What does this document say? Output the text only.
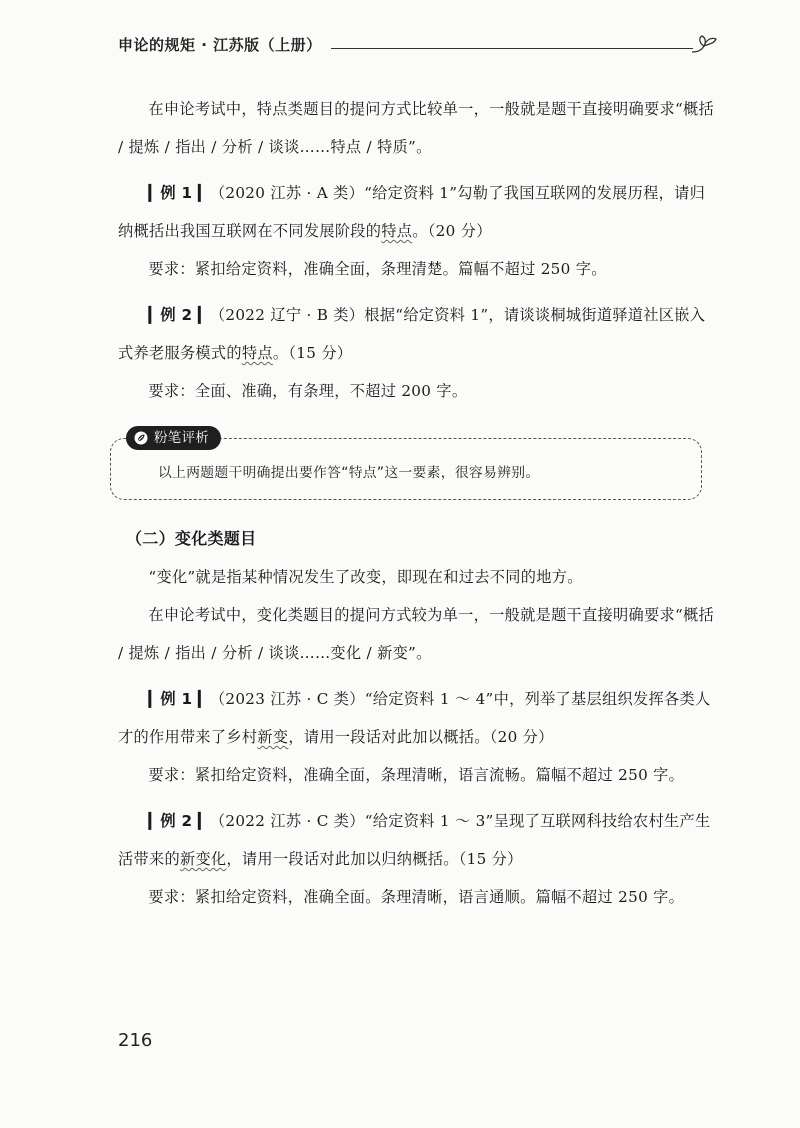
申论的规矩 · 江苏版（上册）

在申论考试中，特点类题目的提问方式比较单一，一般就是题干直接明确要求“概括 / 提炼 / 指出 / 分析 / 谈谈……特点 / 特质”。

▎例 1 ▎（2020 江苏 · A 类）“给定资料 1”勾勒了我国互联网的发展历程，请归纳概括出我国互联网在不同发展阶段的特点。（20 分）

要求：紧扣给定资料，准确全面，条理清楚。篇幅不超过 250 字。

▎例 2 ▎（2022 辽宁 · B 类）根据“给定资料 1”，请谈谈桐城街道驿道社区嵌入式养老服务模式的特点。（15 分）

要求：全面、准确，有条理，不超过 200 字。

粉笔评析
以上两题题干明确提出要作答“特点”这一要素，很容易辨别。

（二）变化类题目

“变化”就是指某种情况发生了改变，即现在和过去不同的地方。

在申论考试中，变化类题目的提问方式较为单一，一般就是题干直接明确要求“概括 / 提炼 / 指出 / 分析 / 谈谈……变化 / 新变”。

▎例 1 ▎（2023 江苏 · C 类）“给定资料 1 ～ 4”中，列举了基层组织发挥各类人才的作用带来了乡村新变，请用一段话对此加以概括。（20 分）

要求：紧扣给定资料，准确全面，条理清晰，语言流畅。篇幅不超过 250 字。

▎例 2 ▎（2022 江苏 · C 类）“给定资料 1 ～ 3”呈现了互联网科技给农村生产生活带来的新变化，请用一段话对此加以归纳概括。（15 分）

要求：紧扣给定资料，准确全面。条理清晰，语言通顺。篇幅不超过 250 字。

216
